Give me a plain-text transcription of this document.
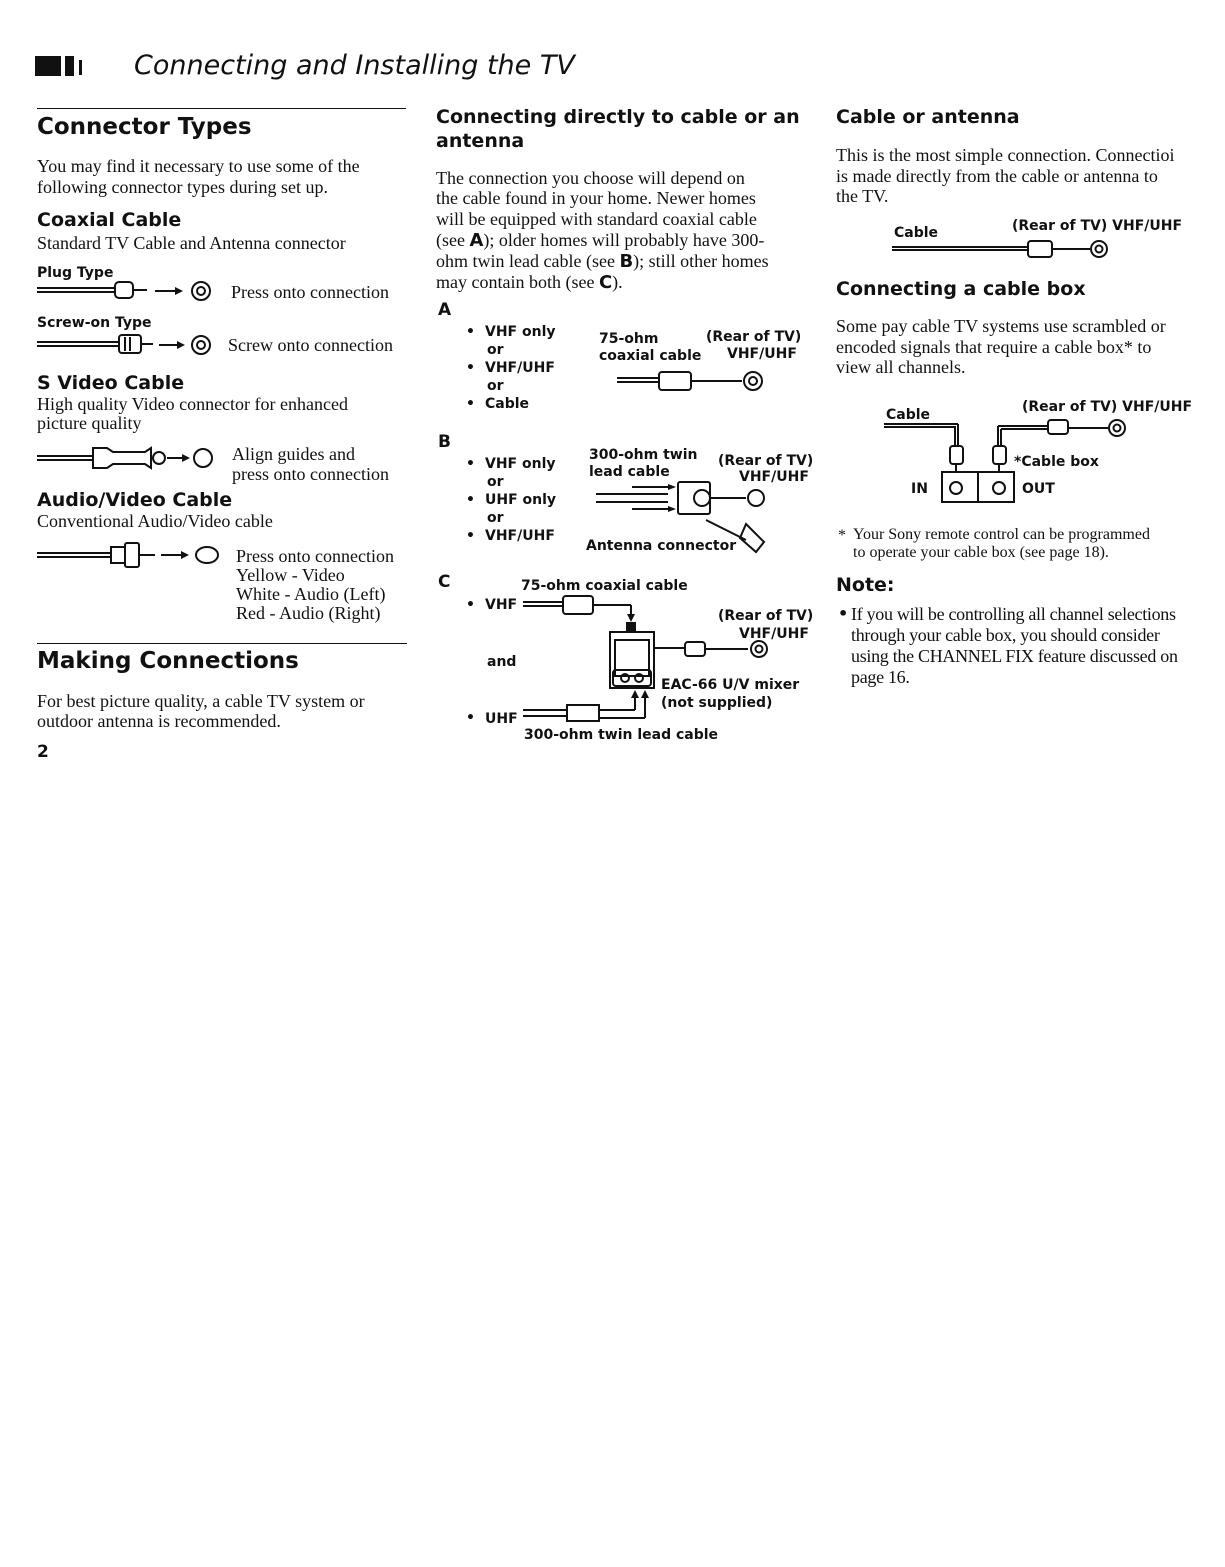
Connecting and Installing the TV
Connector Types
You may find it necessary to use some of the
following connector types during set up.
Coaxial Cable
Standard TV Cable and Antenna connector
Plug Type
Press onto connection
Screw-on Type
Screw onto connection
S Video Cable
High quality Video connector for enhanced
picture quality
Align guides and
press onto connection
Audio/Video Cable
Conventional Audio/Video cable
Press onto connection
Yellow - Video
White - Audio (Left)
Red - Audio (Right)
Making Connections
For best picture quality, a cable TV system or
outdoor antenna is recommended.
2
Connecting directly to cable or an
antenna
The connection you choose will depend on
the cable found in your home. Newer homes
will be equipped with standard coaxial cable
(see A); older homes will probably have 300-
ohm twin lead cable (see B); still other homes
may contain both (see C).
A
• VHF only
or
• VHF/UHF
or
• Cable
75-ohm
coaxial cable
(Rear of TV)
VHF/UHF
B
• VHF only
or
• UHF only
or
• VHF/UHF
300-ohm twin
lead cable
(Rear of TV)
VHF/UHF
Antenna connector
C	75-ohm coaxial cable
• VHF
(Rear of TV)
VHF/UHF
and
• UHF
EAC-66 U/V mixer
(not supplied)
300-ohm twin lead cable
Cable or antenna
This is the most simple connection. Connectioi
is made directly from the cable or antenna to
the TV.
Cable	(Rear of TV) VHF/UHF
Connecting a cable box
Some pay cable TV systems use scrambled or
encoded signals that require a cable box* to
view all channels.
Cable	(Rear of TV) VHF/UHF
*Cable box
IN	OUT
* Your Sony remote control can be programmed
to operate your cable box (see page 18).
Note:
• If you will be controlling all channel selections
through your cable box, you should consider
using the CHANNEL FIX feature discussed on
page 16.
